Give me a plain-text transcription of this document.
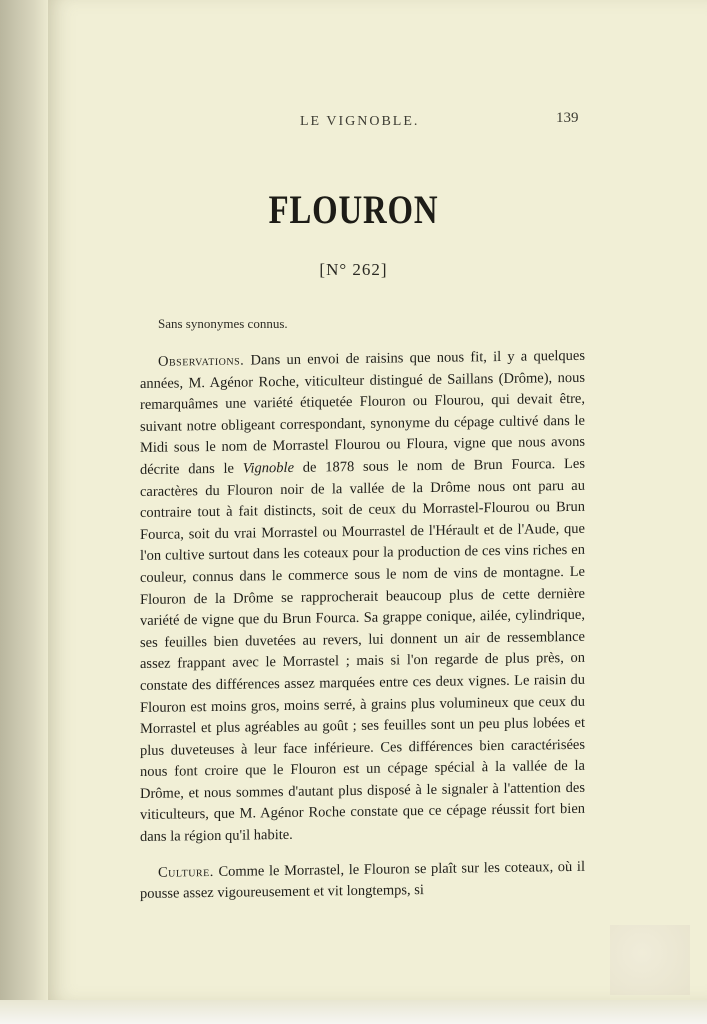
LE VIGNOBLE.	139
FLOURON
[N° 262]
Sans synonymes connus.

Observations. Dans un envoi de raisins que nous fit, il y a quelques années, M. Agénor Roche, viticulteur distingué de Saillans (Drôme), nous remarquâmes une variété étiquetée Flouron ou Flourou, qui devait être, suivant notre obligeant correspondant, synonyme du cépage cultivé dans le Midi sous le nom de Morrastel Flourou ou Floura, vigne que nous avons décrite dans le Vignoble de 1878 sous le nom de Brun Fourca. Les caractères du Flouron noir de la vallée de la Drôme nous ont paru au contraire tout à fait distincts, soit de ceux du Morrastel-Flourou ou Brun Fourca, soit du vrai Morrastel ou Mourrastel de l'Hérault et de l'Aude, que l'on cultive surtout dans les coteaux pour la production de ces vins riches en couleur, connus dans le commerce sous le nom de vins de montagne. Le Flouron de la Drôme se rapprocherait beaucoup plus de cette dernière variété de vigne que du Brun Fourca. Sa grappe conique, ailée, cylindrique, ses feuilles bien duvetées au revers, lui donnent un air de ressemblance assez frappant avec le Morrastel ; mais si l'on regarde de plus près, on constate des différences assez marquées entre ces deux vignes. Le raisin du Flouron est moins gros, moins serré, à grains plus volumineux que ceux du Morrastel et plus agréables au goût ; ses feuilles sont un peu plus lobées et plus duveteuses à leur face inférieure. Ces différences bien caractérisées nous font croire que le Flouron est un cépage spécial à la vallée de la Drôme, et nous sommes d'autant plus disposé à le signaler à l'attention des viticulteurs, que M. Agénor Roche constate que ce cépage réussit fort bien dans la région qu'il habite.

Culture. Comme le Morrastel, le Flouron se plaît sur les coteaux, où il pousse assez vigoureusement et vit longtemps, si
